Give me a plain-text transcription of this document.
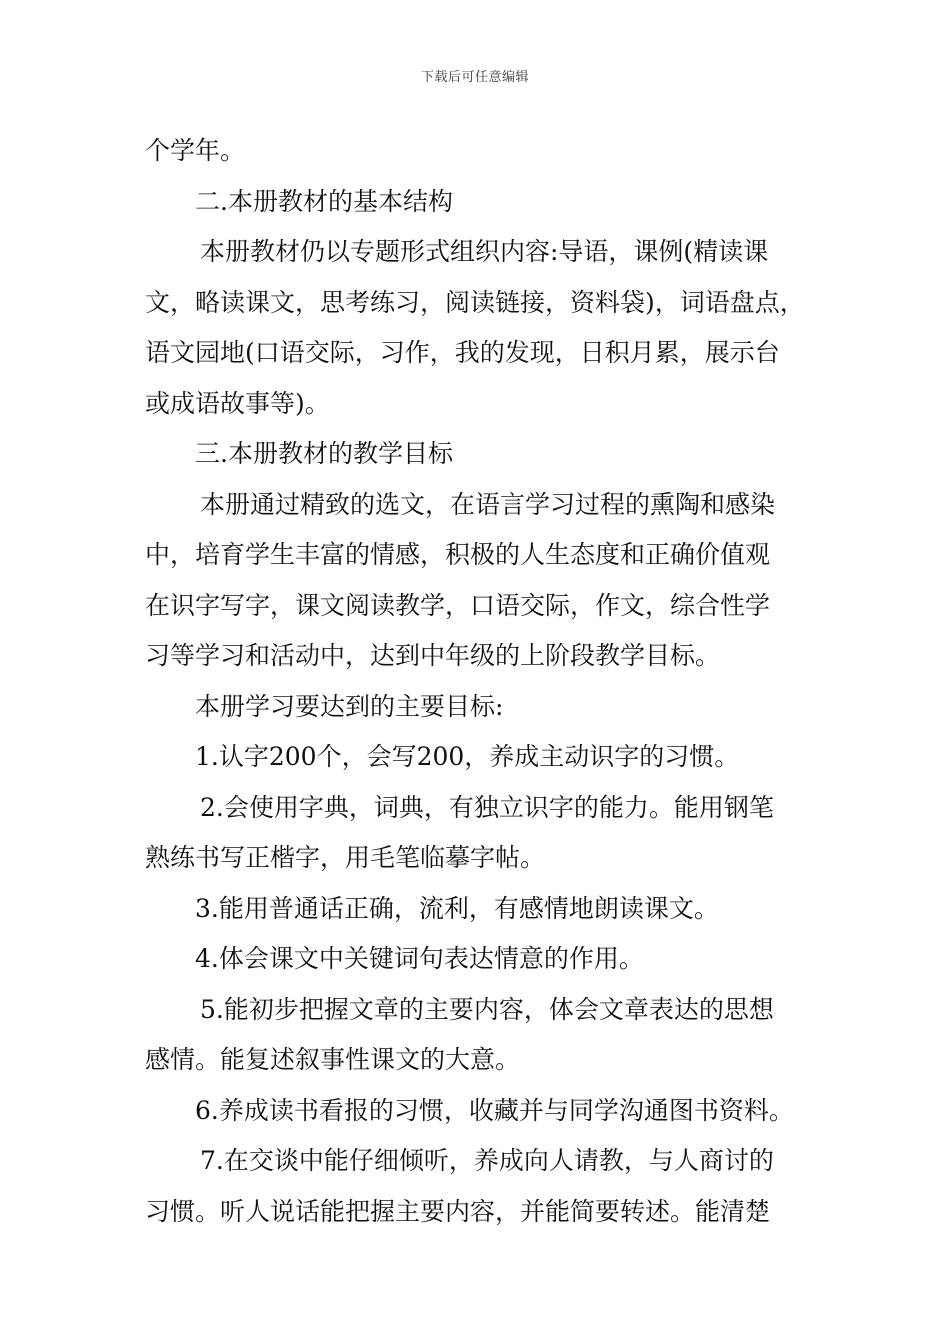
下载后可任意编辑
个学年。
二.本册教材的基本结构
本册教材仍以专题形式组织内容:导语，课例(精读课
文，略读课文，思考练习，阅读链接，资料袋)，词语盘点，
语文园地(口语交际，习作，我的发现，日积月累，展示台
或成语故事等)。
三.本册教材的教学目标
本册通过精致的选文，在语言学习过程的熏陶和感染
中，培育学生丰富的情感，积极的人生态度和正确价值观
在识字写字，课文阅读教学，口语交际，作文，综合性学
习等学习和活动中，达到中年级的上阶段教学目标。
本册学习要达到的主要目标:
1.认字200个，会写200，养成主动识字的习惯。
2.会使用字典，词典，有独立识字的能力。能用钢笔
熟练书写正楷字，用毛笔临摹字帖。
3.能用普通话正确，流利，有感情地朗读课文。
4.体会课文中关键词句表达情意的作用。
5.能初步把握文章的主要内容，体会文章表达的思想
感情。能复述叙事性课文的大意。
6.养成读书看报的习惯，收藏并与同学沟通图书资料。
7.在交谈中能仔细倾听，养成向人请教，与人商讨的
习惯。听人说话能把握主要内容，并能简要转述。能清楚
